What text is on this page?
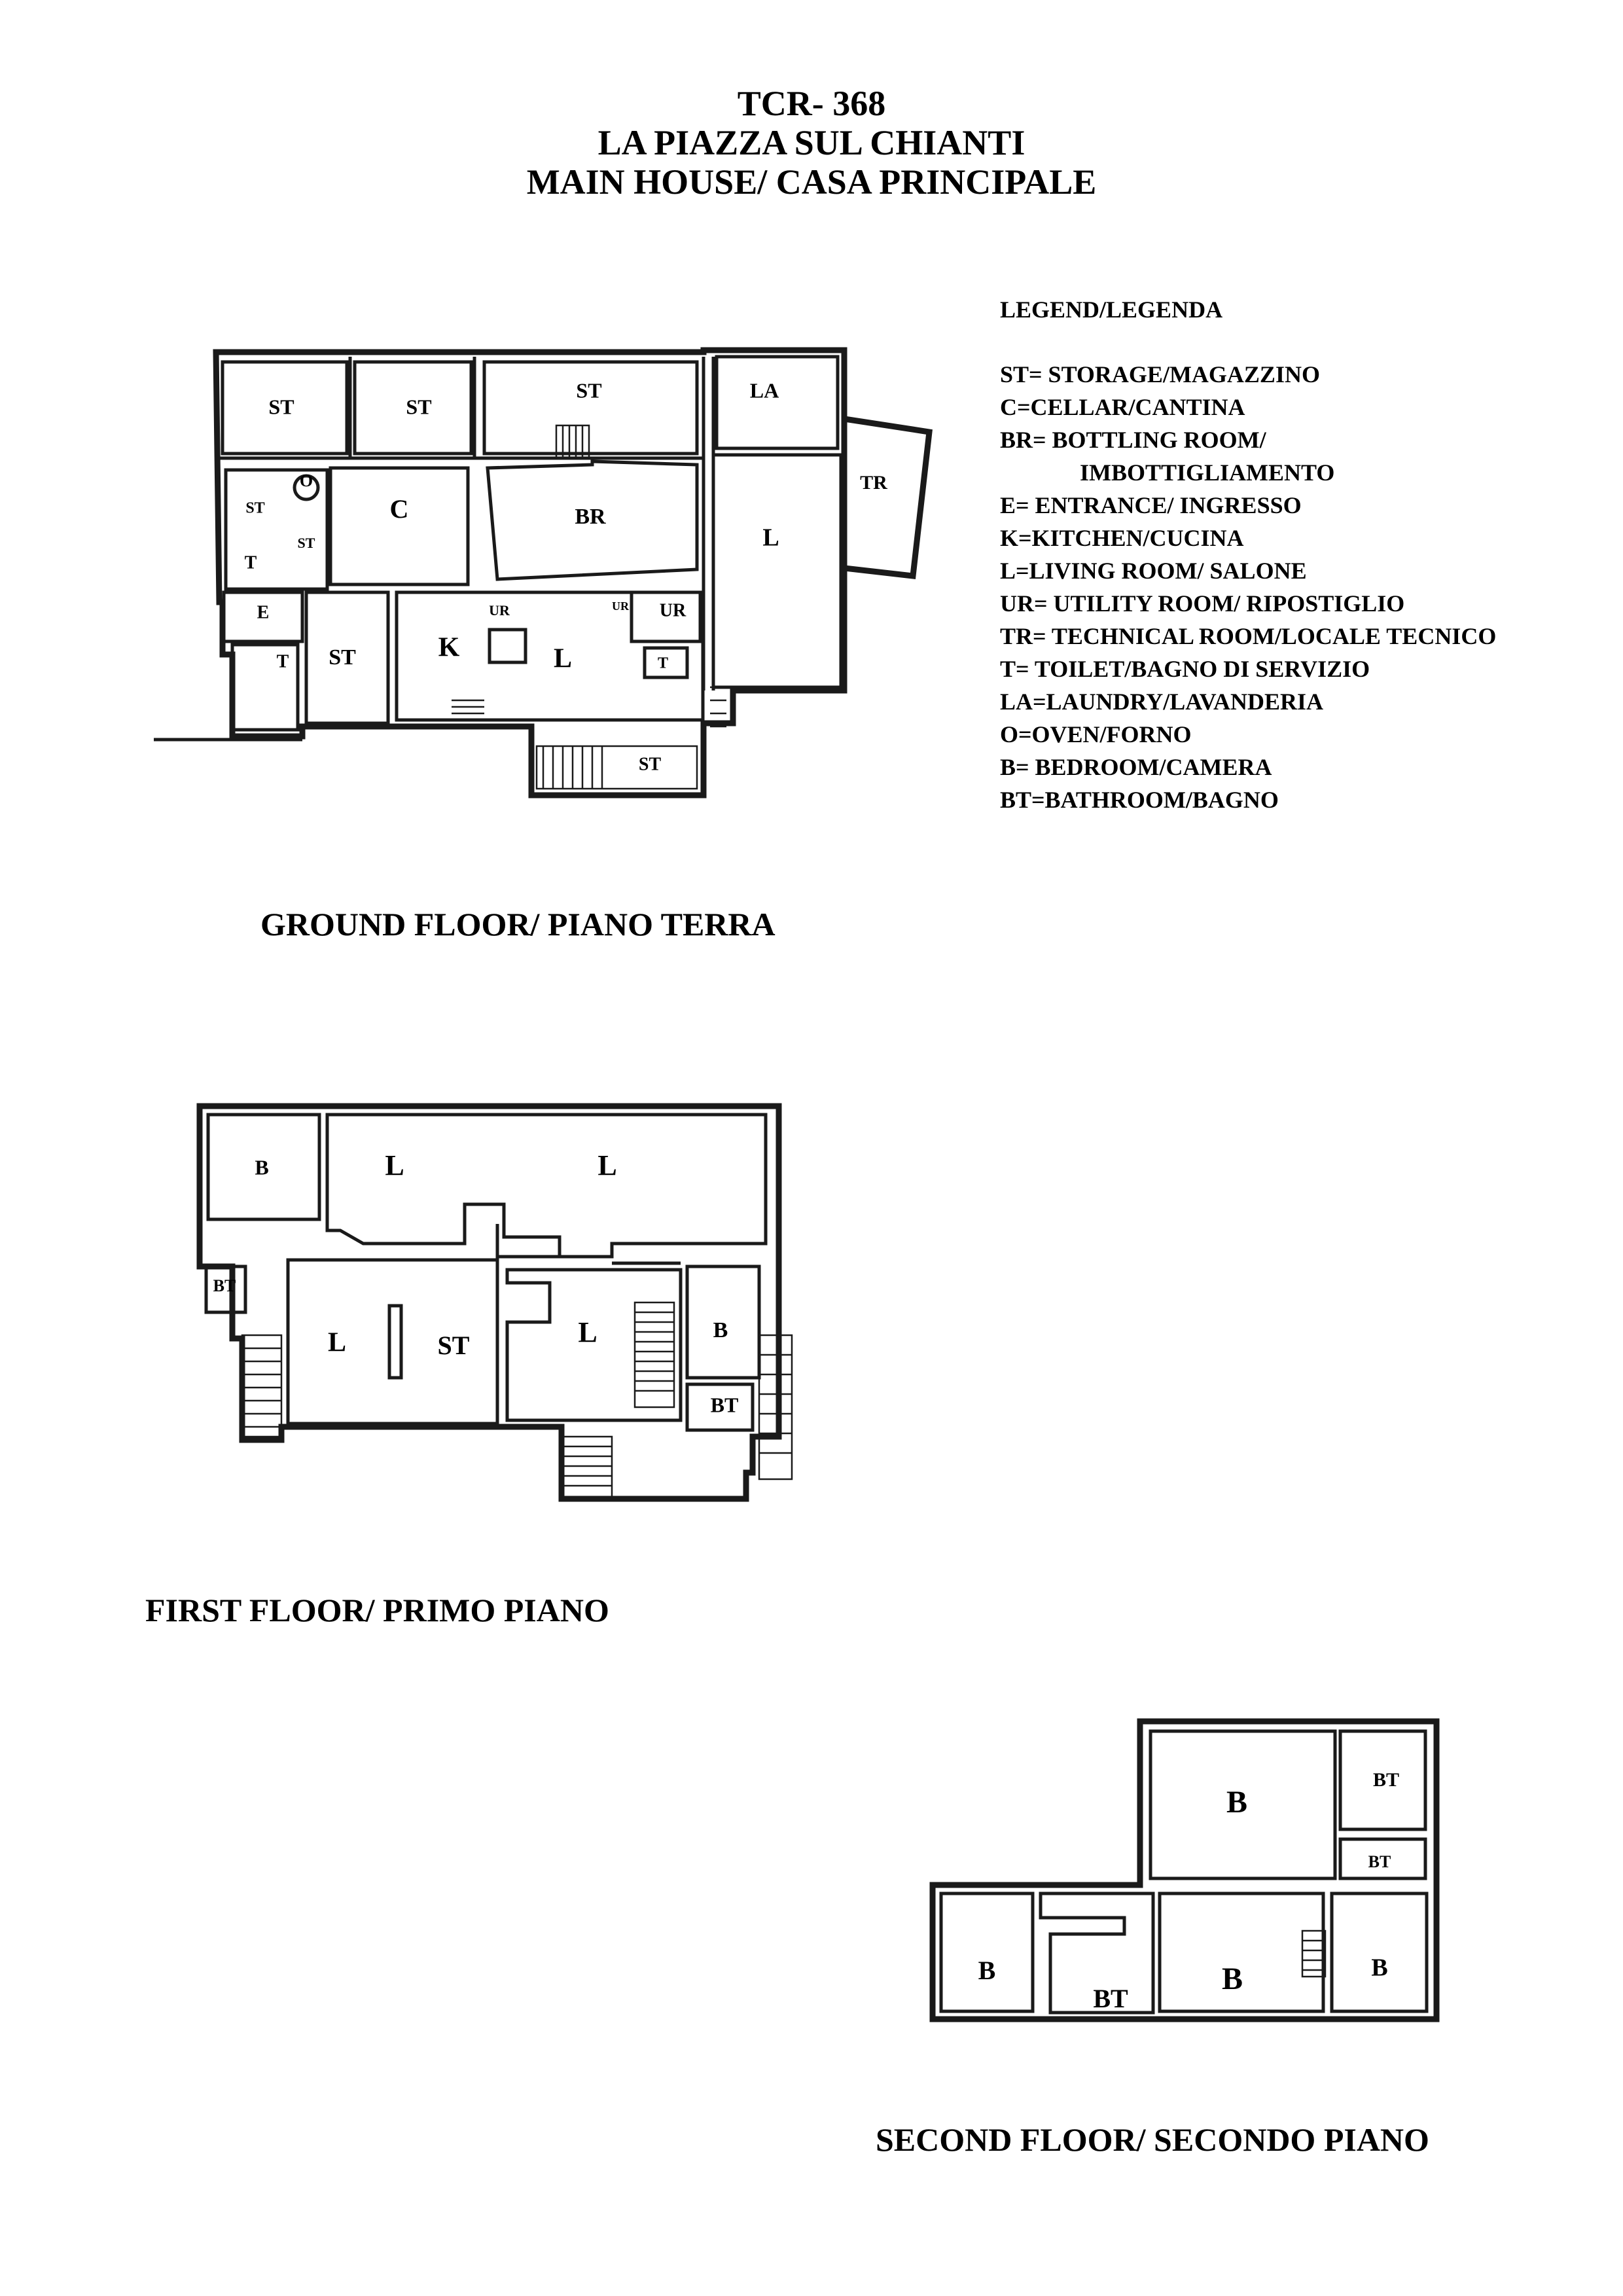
TCR- 368
LA PIAZZA SUL CHIANTI
MAIN HOUSE/ CASA PRINCIPALE
LEGEND/LEGENDA
ST= STORAGE/MAGAZZINO
C=CELLAR/CANTINA
BR= BOTTLING ROOM/
IMBOTTIGLIAMENTO
E= ENTRANCE/ INGRESSO
K=KITCHEN/CUCINA
L=LIVING ROOM/ SALONE
UR= UTILITY ROOM/ RIPOSTIGLIO
TR= TECHNICAL ROOM/LOCALE TECNICO
T= TOILET/BAGNO DI SERVIZIO
LA=LAUNDRY/LAVANDERIA
O=OVEN/FORNO
B= BEDROOM/CAMERA
BT=BATHROOM/BAGNO
GROUND FLOOR/ PIANO TERRA
FIRST FLOOR/ PRIMO PIANO
SECOND FLOOR/ SECONDO PIANO
ST	ST
ST	LA
TR
ST
O
C	BR
L
ST
T
ST
E	UR	UR UR
K	L
T	T
ST
B	L	L
BT
L	ST	L	B
BT
B
BT
BT
B
BT
B	B
